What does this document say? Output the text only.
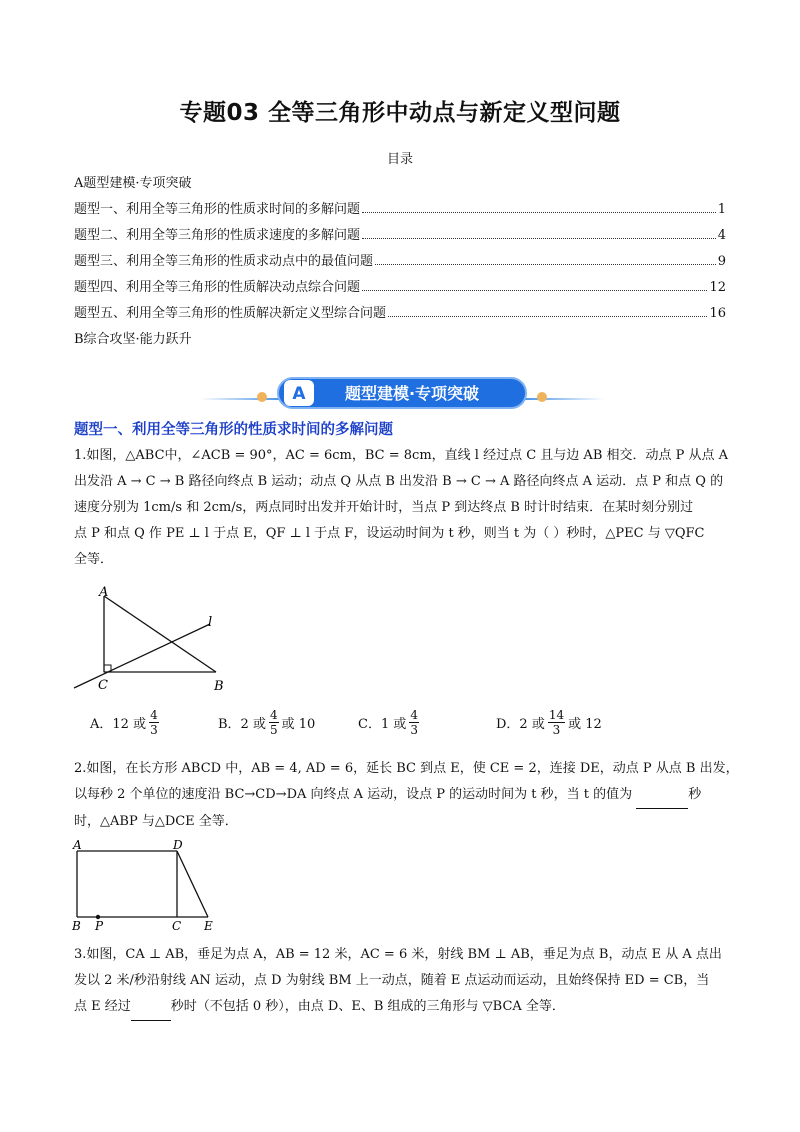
专题03 全等三角形中动点与新定义型问题
目录
A题型建模·专项突破
题型一、利用全等三角形的性质求时间的多解问题	1
题型二、利用全等三角形的性质求速度的多解问题	4
题型三、利用全等三角形的性质求动点中的最值问题	9
题型四、利用全等三角形的性质解决动点综合问题	12
题型五、利用全等三角形的性质解决新定义型综合问题	16
B综合攻坚·能力跃升
A 题型建模·专项突破
题型一、利用全等三角形的性质求时间的多解问题
1.如图，△ABC中，∠ACB = 90°，AC = 6cm，BC = 8cm，直线 l 经过点 C 且与边 AB 相交．动点 P 从点 A
出发沿 A → C → B 路径向终点 B 运动；动点 Q 从点 B 出发沿 B → C → A 路径向终点 A 运动．点 P 和点 Q 的
速度分别为 1cm/s 和 2cm/s，两点同时出发并开始计时，当点 P 到达终点 B 时计时结束．在某时刻分别过
点 P 和点 Q 作 PE ⊥ l 于点 E，QF ⊥ l 于点 F，设运动时间为 t 秒，则当 t 为（ ）秒时，△PEC 与 ▽QFC
全等．
A
C	B
l
A．12 或 $\frac{4}{3}$	B．2 或 $\frac{4}{5}$ 或 10	C．1 或 $\frac{4}{3}$	D．2 或 $\frac{14}{3}$ 或 12
2.如图，在长方形 ABCD 中，AB = 4, AD = 6，延长 BC 到点 E，使 CE = 2，连接 DE，动点 P 从点 B 出发，
以每秒 2 个单位的速度沿 BC→CD→DA 向终点 A 运动，设点 P 的运动时间为 t 秒，当 t 的值为	秒
时，△ABP 与△DCE 全等．
A	D
B P	C E
3.如图，CA ⊥ AB，垂足为点 A，AB = 12 米，AC = 6 米，射线 BM ⊥ AB，垂足为点 B，动点 E 从 A 点出
发以 2 米/秒沿射线 AN 运动，点 D 为射线 BM 上一动点，随着 E 点运动而运动，且始终保持 ED = CB，当
点 E 经过	秒时（不包括 0 秒），由点 D、E、B 组成的三角形与 ▽BCA 全等．
